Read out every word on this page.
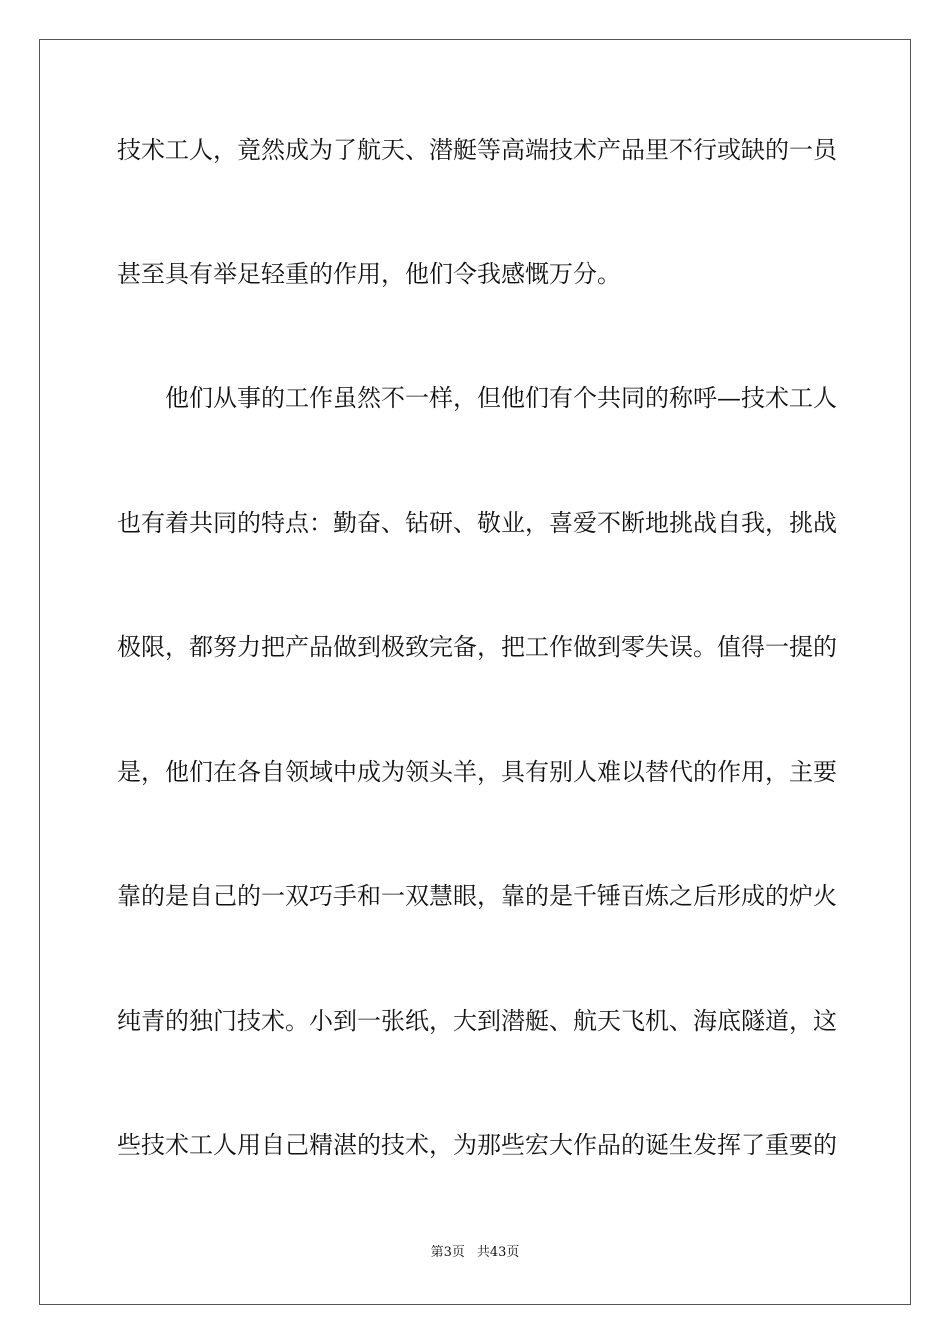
技术工人，竟然成为了航天、潜艇等高端技术产品里不行或缺的一员
甚至具有举足轻重的作用，他们令我感慨万分。
他们从事的工作虽然不一样，但他们有个共同的称呼—技术工人
也有着共同的特点：勤奋、钻研、敬业，喜爱不断地挑战自我，挑战
极限，都努力把产品做到极致完备，把工作做到零失误。值得一提的
是，他们在各自领域中成为领头羊，具有别人难以替代的作用，主要
靠的是自己的一双巧手和一双慧眼，靠的是千锤百炼之后形成的炉火
纯青的独门技术。小到一张纸，大到潜艇、航天飞机、海底隧道，这
些技术工人用自己精湛的技术，为那些宏大作品的诞生发挥了重要的
第3页 共43页
